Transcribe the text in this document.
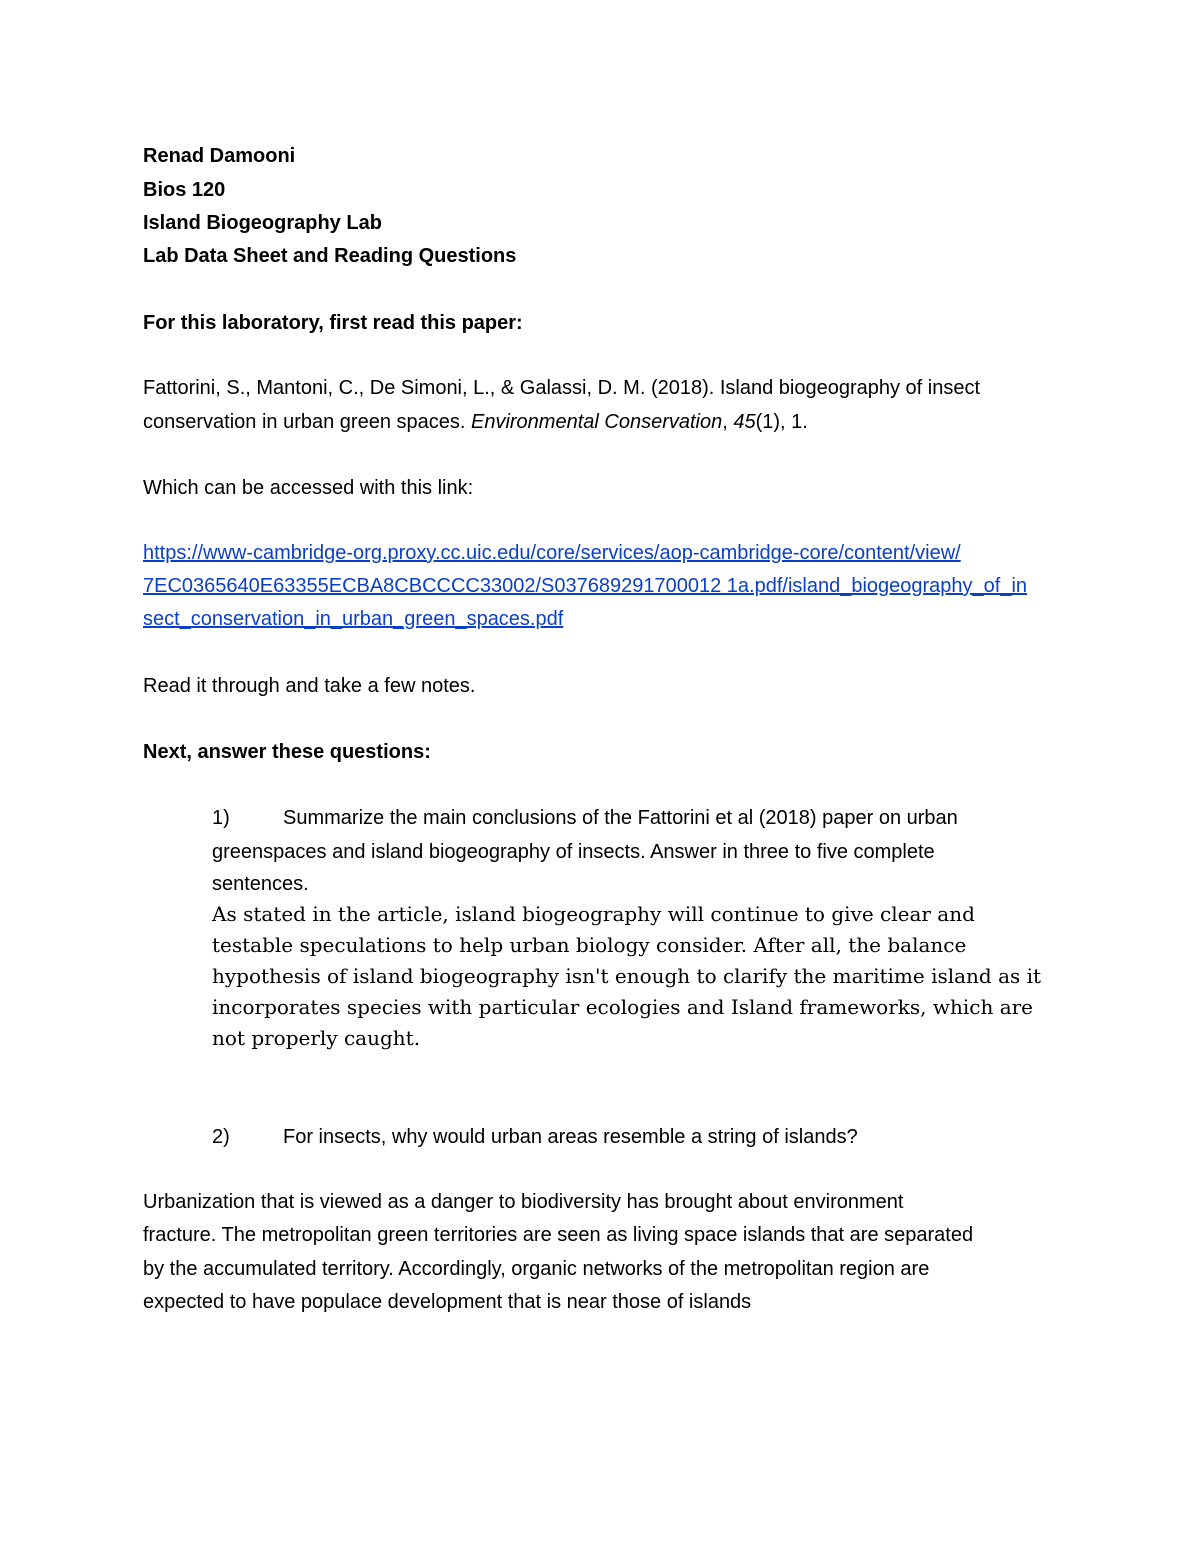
Renad Damooni
Bios 120
Island Biogeography Lab
Lab Data Sheet and Reading Questions
For this laboratory, first read this paper:
Fattorini, S., Mantoni, C., De Simoni, L., & Galassi, D. M. (2018). Island biogeography of insect
conservation in urban green spaces. Environmental Conservation, 45(1), 1.
Which can be accessed with this link:
https://www-cambridge-org.proxy.cc.uic.edu/core/services/aop-cambridge-core/content/view/
7EC0365640E63355ECBA8CBCCCC33002/S037689291700012 1a.pdf/island_biogeography_of_in
sect_conservation_in_urban_green_spaces.pdf
Read it through and take a few notes.
Next, answer these questions:
1)	Summarize the main conclusions of the Fattorini et al (2018) paper on urban
greenspaces and island biogeography of insects. Answer in three to five complete
sentences.
As stated in the article, island biogeography will continue to give clear and
testable speculations to help urban biology consider. After all, the balance
hypothesis of island biogeography isn't enough to clarify the maritime island as it
incorporates species with particular ecologies and Island frameworks, which are
not properly caught.
2)	For insects, why would urban areas resemble a string of islands?
Urbanization that is viewed as a danger to biodiversity has brought about environment
fracture. The metropolitan green territories are seen as living space islands that are separated
by the accumulated territory. Accordingly, organic networks of the metropolitan region are
expected to have populace development that is near those of islands
